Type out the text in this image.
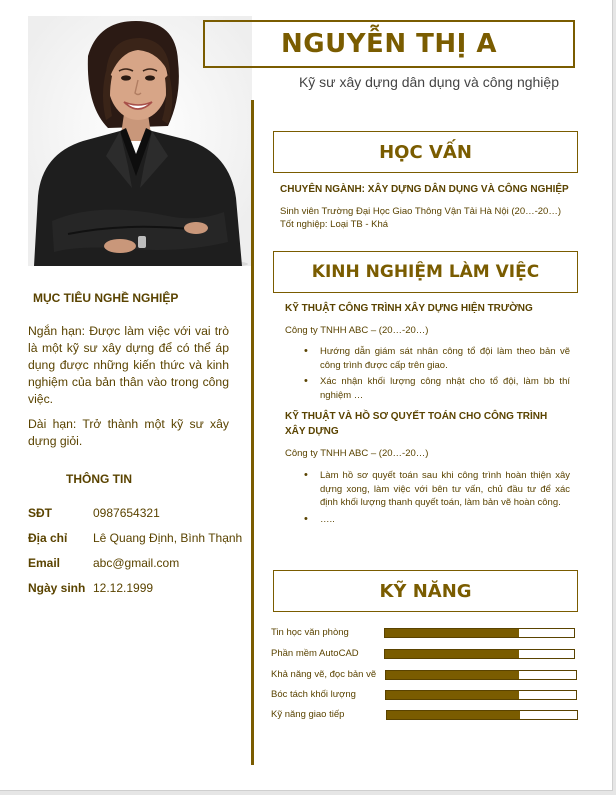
NGUYỄN THỊ A
Kỹ sư xây dựng dân dụng và công nghiệp
MỤC TIÊU NGHỀ NGHIỆP

Ngắn hạn: Được làm việc với vai trò là một kỹ sư xây dựng để có thể áp dụng được những kiến thức và kinh nghiệm của bản thân vào trong công việc.

Dài hạn: Trở thành một kỹ sư xây dựng giỏi.

THÔNG TIN
SĐT	0987654321
Địa chỉ Lê Quang Định, Bình Thạnh
Email	abc@gmail.com
Ngày sinh 12.12.1999
HỌC VẤN
CHUYÊN NGÀNH: XÂY DỰNG DÂN DỤNG VÀ CÔNG NGHIỆP
Sinh viên Trường Đại Học Giao Thông Vận Tải Hà Nội (20…-20…)
Tốt nghiệp: Loại TB - Khá
KINH NGHIỆM LÀM VIỆC
KỸ THUẬT CÔNG TRÌNH XÂY DỰNG HIỆN TRƯỜNG
Công ty TNHH ABC – (20…-20…)
• Hướng dẫn giám sát nhân công tổ đội làm theo bản vẽ công trình được cấp trên giao.
• Xác nhận khối lượng công nhật cho tổ đội, làm bb thí nghiệm …
KỸ THUẬT VÀ HỒ SƠ QUYẾT TOÁN CHO CÔNG TRÌNH XÂY DỰNG
Công ty TNHH ABC – (20…-20…)
• Làm hồ sơ quyết toán sau khi công trình hoàn thiện xây dựng xong, làm việc với bên tư vấn, chủ đầu tư để xác định khối lượng thanh quyết toán, làm bản vẽ hoàn công.
• …..
KỸ NĂNG
Tin học văn phòng
Phần mềm AutoCAD
Khả năng vẽ, đọc bản vẽ
Bóc tách khối lượng
Kỹ năng giao tiếp
